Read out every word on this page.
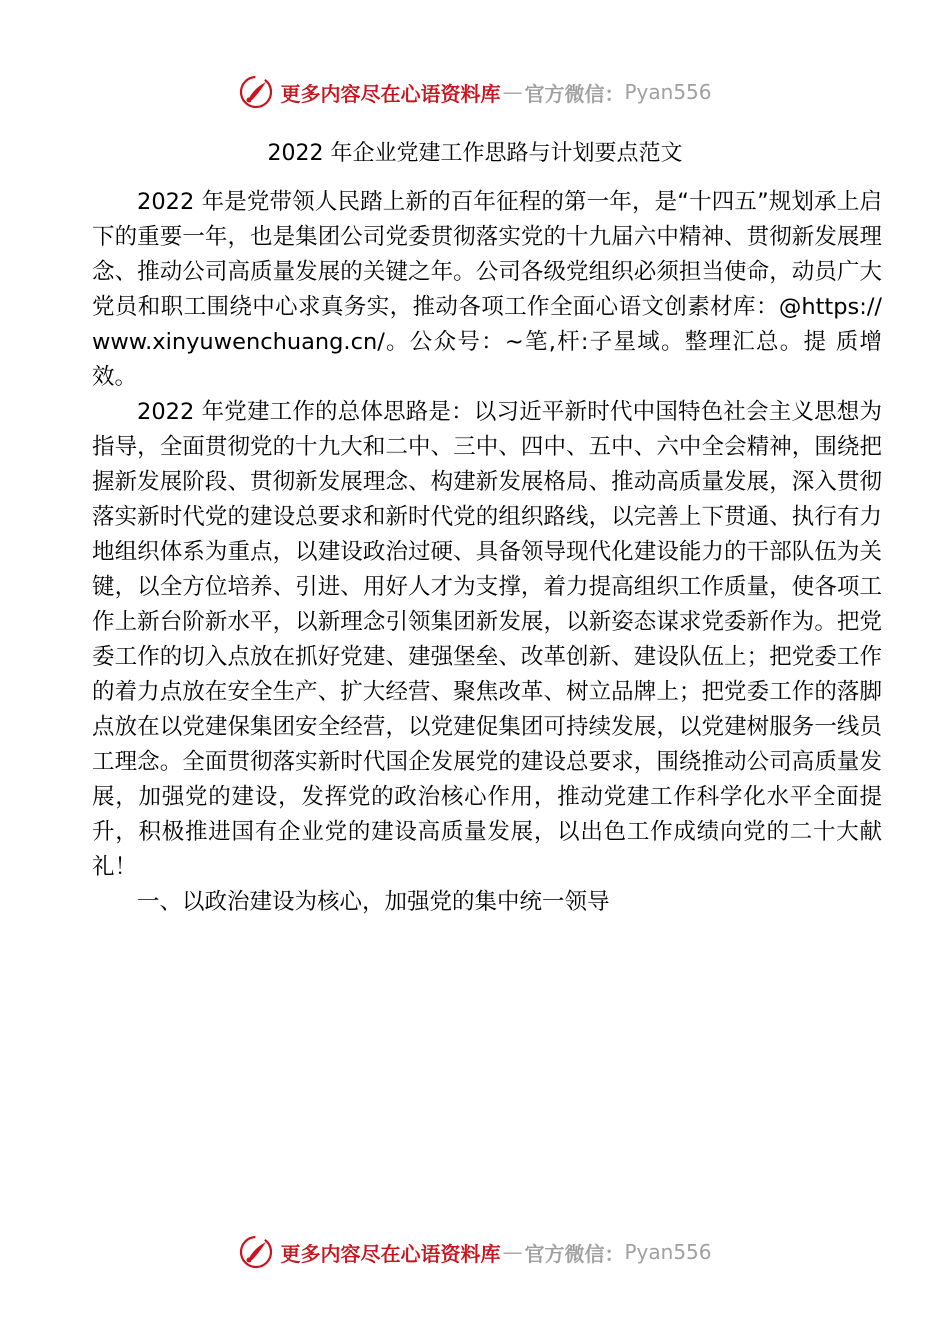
更多内容尽在心语资料库 — 官方微信： Pyan556
2022 年企业党建工作思路与计划要点范文

2022 年是党带领人民踏上新的百年征程的第一年，是“十四五”规划承上启下的重要一年，也是集团公司党委贯彻落实党的十九届六中精神、贯彻新发展理念、推动公司高质量发展的关键之年。公司各级党组织必须担当使命，动员广大党员和职工围绕中心求真务实，推动各项工作全面心语文创素材库：@https://www.xinyuwenchuang.cn/。公众号：~笔,杆:子星域。整理汇总。提 质增效。

2022 年党建工作的总体思路是：以习近平新时代中国特色社会主义思想为指导，全面贯彻党的十九大和二中、三中、四中、五中、六中全会精神，围绕把握新发展阶段、贯彻新发展理念、构建新发展格局、推动高质量发展，深入贯彻落实新时代党的建设总要求和新时代党的组织路线，以完善上下贯通、执行有力地组织体系为重点，以建设政治过硬、具备领导现代化建设能力的干部队伍为关键，以全方位培养、引进、用好人才为支撑，着力提高组织工作质量，使各项工作上新台阶新水平，以新理念引领集团新发展，以新姿态谋求党委新作为。把党委工作的切入点放在抓好党建、建强堡垒、改革创新、建设队伍上；把党委工作的着力点放在安全生产、扩大经营、聚焦改革、树立品牌上；把党委工作的落脚点放在以党建保集团安全经营，以党建促集团可持续发展，以党建树服务一线员工理念。全面贯彻落实新时代国企发展党的建设总要求，围绕推动公司高质量发展，加强党的建设，发挥党的政治核心作用，推动党建工作科学化水平全面提升，积极推进国有企业党的建设高质量发展，以出色工作成绩向党的二十大献礼！

一、以政治建设为核心，加强党的集中统一领导

更多内容尽在心语资料库 — 官方微信： Pyan556
